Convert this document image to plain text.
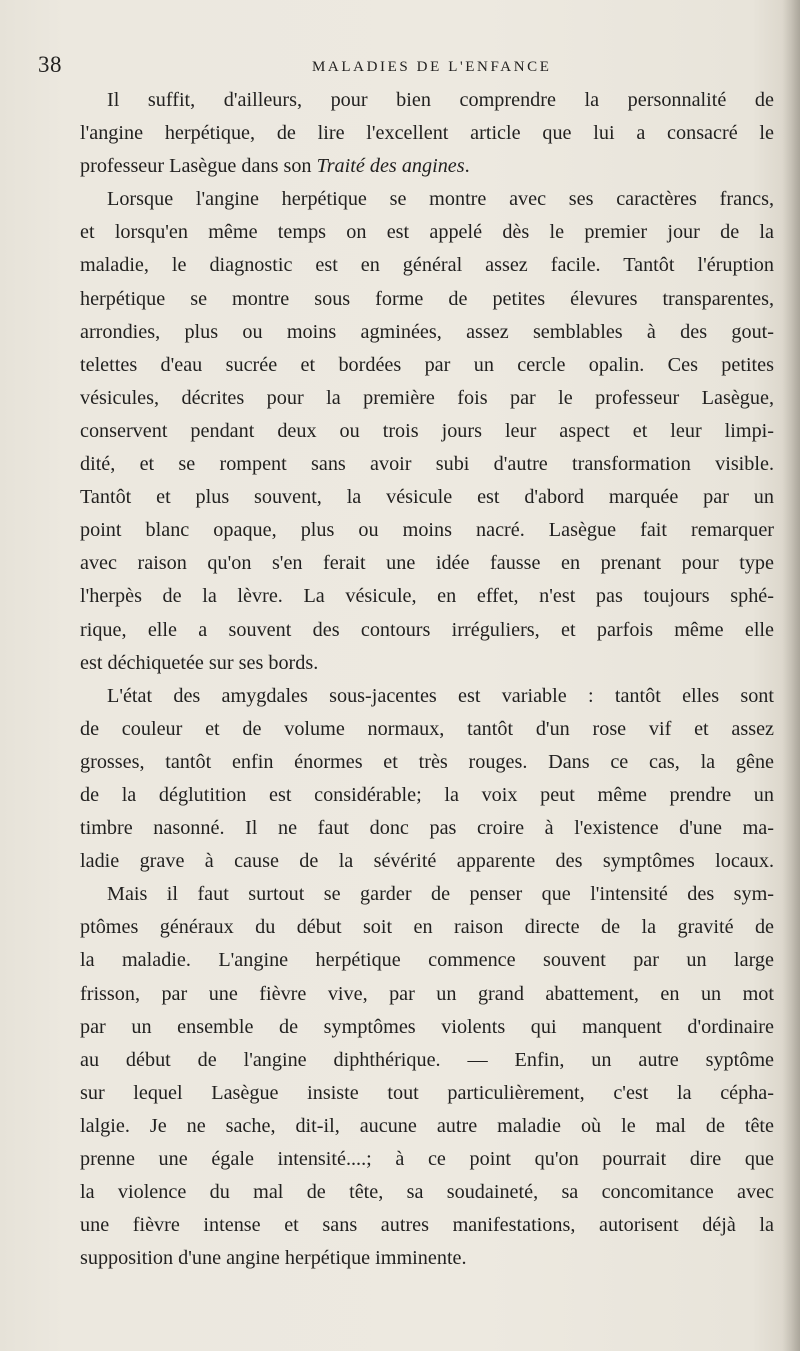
38	MALADIES DE L'ENFANCE
Il suffit, d'ailleurs, pour bien comprendre la personnalité de
l'angine herpétique, de lire l'excellent article que lui a consacré le
professeur Lasègue dans son Traité des angines.
Lorsque l'angine herpétique se montre avec ses caractères francs,
et lorsqu'en même temps on est appelé dès le premier jour de la
maladie, le diagnostic est en général assez facile. Tantôt l'éruption
herpétique se montre sous forme de petites élevures transparentes,
arrondies, plus ou moins agminées, assez semblables à des gout-
telettes d'eau sucrée et bordées par un cercle opalin. Ces petites
vésicules, décrites pour la première fois par le professeur Lasègue,
conservent pendant deux ou trois jours leur aspect et leur limpi-
dité, et se rompent sans avoir subi d'autre transformation visible.
Tantôt et plus souvent, la vésicule est d'abord marquée par un
point blanc opaque, plus ou moins nacré. Lasègue fait remarquer
avec raison qu'on s'en ferait une idée fausse en prenant pour type
l'herpès de la lèvre. La vésicule, en effet, n'est pas toujours sphé-
rique, elle a souvent des contours irréguliers, et parfois même elle
est déchiquetée sur ses bords.
L'état des amygdales sous-jacentes est variable : tantôt elles sont
de couleur et de volume normaux, tantôt d'un rose vif et assez
grosses, tantôt enfin énormes et très rouges. Dans ce cas, la gêne
de la déglutition est considérable; la voix peut même prendre un
timbre nasonné. Il ne faut donc pas croire à l'existence d'une ma-
ladie grave à cause de la sévérité apparente des symptômes locaux.
Mais il faut surtout se garder de penser que l'intensité des sym-
ptômes généraux du début soit en raison directe de la gravité de
la maladie. L'angine herpétique commence souvent par un large
frisson, par une fièvre vive, par un grand abattement, en un mot
par un ensemble de symptômes violents qui manquent d'ordinaire
au début de l'angine diphthérique. — Enfin, un autre syptôme
sur lequel Lasègue insiste tout particulièrement, c'est la cépha-
lalgie. Je ne sache, dit-il, aucune autre maladie où le mal de tête
prenne une égale intensité....; à ce point qu'on pourrait dire que
la violence du mal de tête, sa soudaineté, sa concomitance avec
une fièvre intense et sans autres manifestations, autorisent déjà la
supposition d'une angine herpétique imminente.
